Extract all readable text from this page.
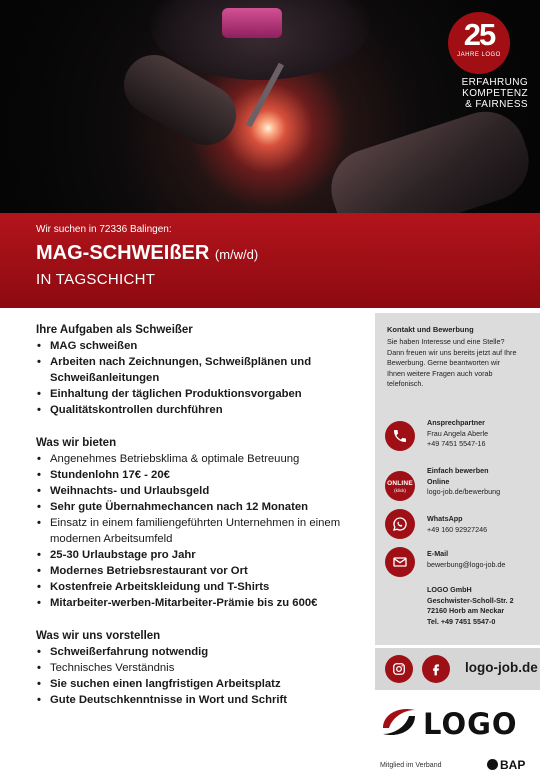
25
JAHRE LOGO
ERFAHRUNG
KOMPETENZ
& FAIRNESS
Wir suchen in 72336 Balingen:
MAG-SCHWEIßER (m/w/d)
IN TAGSCHICHT
Ihre Aufgaben als Schweißer
• MAG schweißen
• Arbeiten nach Zeichnungen, Schweißplänen und Schweißanleitungen
• Einhaltung der täglichen Produktionsvorgaben
• Qualitätskontrollen durchführen
Was wir bieten
• Angenehmes Betriebsklima & optimale Betreuung
• Stundenlohn 17€ - 20€
• Weihnachts- und Urlaubsgeld
• Sehr gute Übernahmechancen nach 12 Monaten
• Einsatz in einem familiengeführten Unternehmen in einem modernen Arbeitsumfeld
• 25-30 Urlaubstage pro Jahr
• Modernes Betriebsrestaurant vor Ort
• Kostenfreie Arbeitskleidung und T-Shirts
• Mitarbeiter-werben-Mitarbeiter-Prämie bis zu 600€
Was wir uns vorstellen
• Schweißerfahrung notwendig
• Technisches Verständnis
• Sie suchen einen langfristigen Arbeitsplatz
• Gute Deutschkenntnisse in Wort und Schrift
Kontakt und Bewerbung
Sie haben Interesse und eine Stelle? Dann freuen wir uns bereits jetzt auf Ihre Bewerbung. Gerne beantworten wir Ihnen weitere Fragen auch vorab telefonisch.
Ansprechpartner
Frau Angela Aberle
+49 7451 5547-16
ONLINE
(klick)
Einfach bewerben
Online
logo-job.de/bewerbung
WhatsApp
+49 160 92927246
E-Mail
bewerbung@logo-job.de
LOGO GmbH
Geschwister-Scholl-Str. 2
72160 Horb am Neckar
Tel. +49 7451 5547-0
logo-job.de
LOGO
Mitglied im Verband	BAP
